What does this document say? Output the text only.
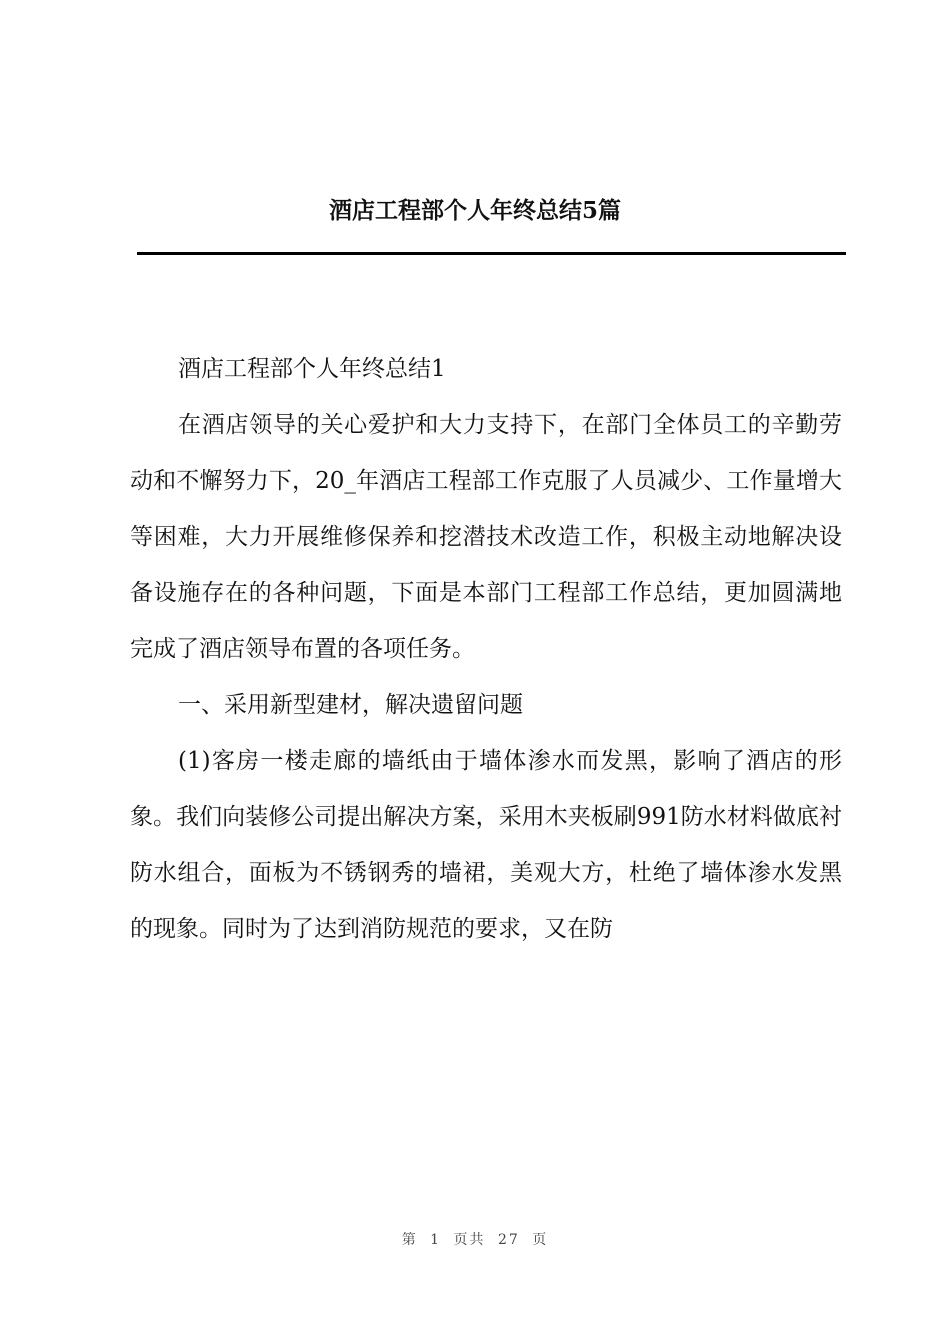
酒店工程部个人年终总结5篇

酒店工程部个人年终总结1

在酒店领导的关心爱护和大力支持下，在部门全体员工的辛勤劳动和不懈努力下，20_年酒店工程部工作克服了人员减少、工作量增大等困难，大力开展维修保养和挖潜技术改造工作，积极主动地解决设备设施存在的各种问题，下面是本部门工程部工作总结，更加圆满地完成了酒店领导布置的各项任务。

一、采用新型建材，解决遗留问题

(1)客房一楼走廊的墙纸由于墙体渗水而发黑，影响了酒店的形象。我们向装修公司提出解决方案，采用木夹板刷991防水材料做底衬防水组合，面板为不锈钢秀的墙裙，美观大方，杜绝了墙体渗水发黑的现象。同时为了达到消防规范的要求，又在防

第 1 页共 27 页
